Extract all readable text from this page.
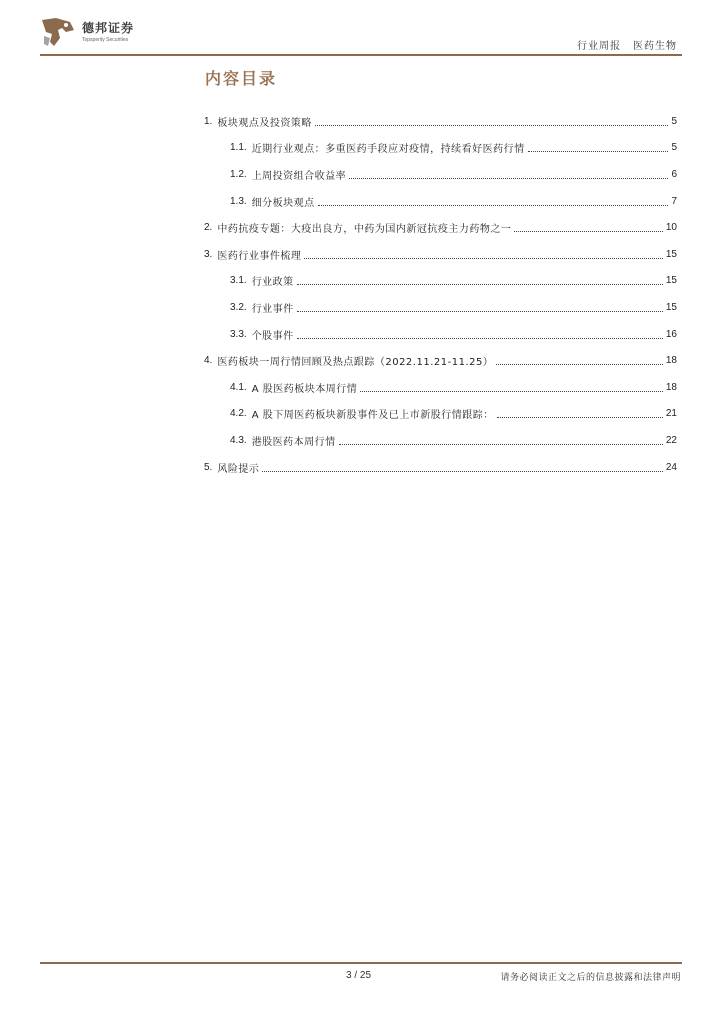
德邦证券
Topsperity Securities
行业周报 医药生物
内容目录
1. 板块观点及投资策略	5
1.1. 近期行业观点：多重医药手段应对疫情，持续看好医药行情	5
1.2. 上周投资组合收益率	6
1.3. 细分板块观点	7
2. 中药抗疫专题：大疫出良方，中药为国内新冠抗疫主力药物之一	10
3. 医药行业事件梳理	15
3.1. 行业政策	15
3.2. 行业事件	15
3.3. 个股事件	16
4. 医药板块一周行情回顾及热点跟踪（2022.11.21-11.25）	18
4.1. A 股医药板块本周行情	18
4.2. A 股下周医药板块新股事件及已上市新股行情跟踪：	21
4.3. 港股医药本周行情	22
5. 风险提示	24
3 / 25	请务必阅读正文之后的信息披露和法律声明
